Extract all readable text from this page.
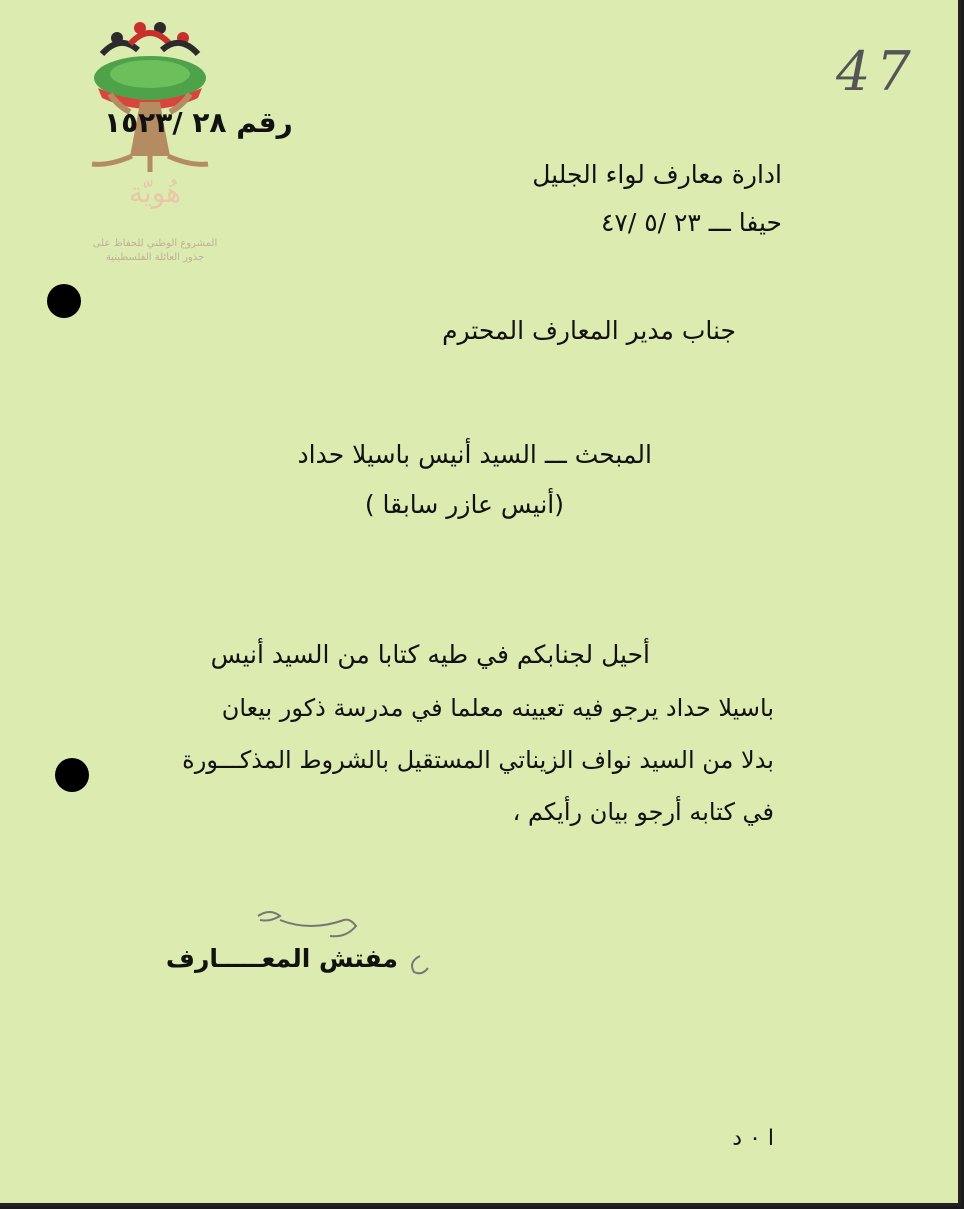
47
هُويّة
المشروع الوطني للحفاظ على
جذور العائلة الفلسطينية
رقم ٢٨ /١٥٢٣
ادارة معارف لواء الجليل
حيفا ـــ ٢٣ /٥ /٤٧
جناب مدير المعارف المحترم
المبحث ـــ السيد أنيس باسيلا حداد
(أنيس عازر سابقا )
أحيل لجنابكم في طيه كتابا من السيد أنيس
باسيلا حداد يرجو فيه تعيينه معلما في مدرسة ذكور بيعان
بدلا من السيد نواف الزيناتي المستقيل بالشروط المذكـــورة
في كتابه أرجو بيان رأيكم ،
مفتش المعـــــارف
ا ٠ د
